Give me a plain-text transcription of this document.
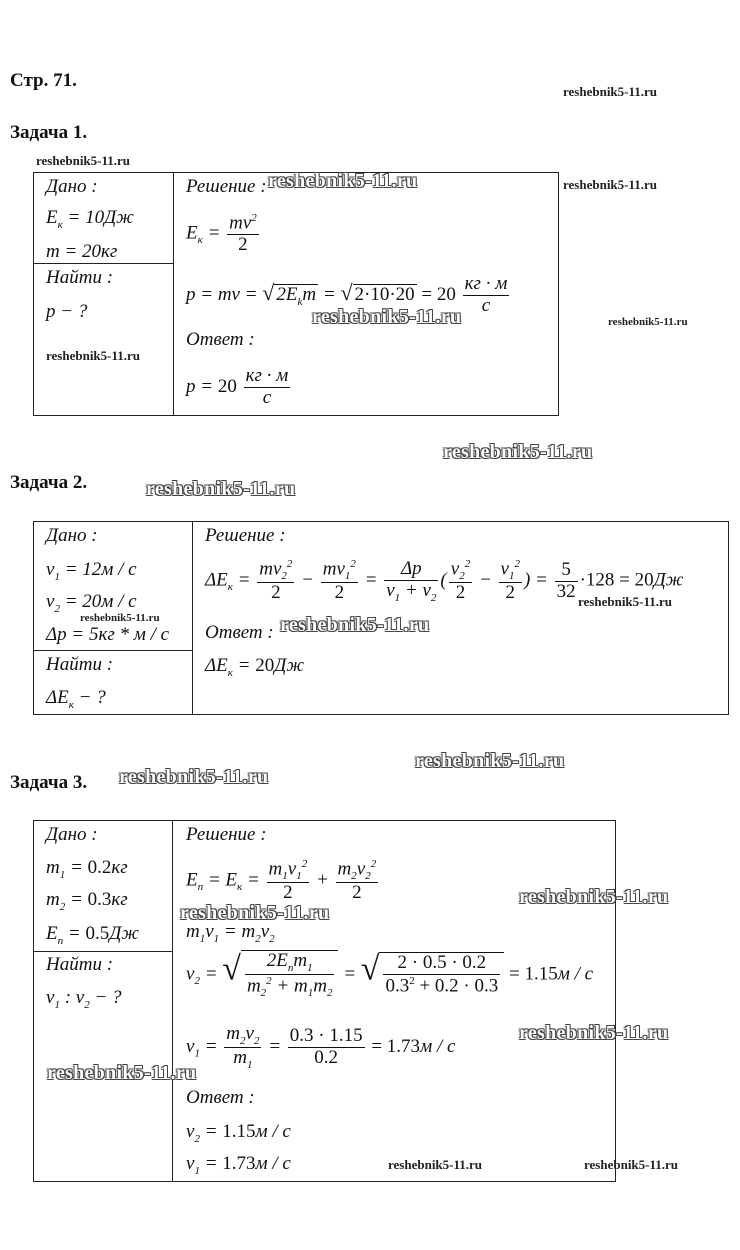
Стр. 71.
Задача 1.
Задача 2.
Задача 3.
Дано :
$E_к = 10Дж$
m = 20кг
Найти :
p − ?
Решение :
$E_к = \frac{mv^2}{2}$
p = mv = √ $2E_km$ = √ $2\cdot 10\cdot 20 = 20 \frac{кг \cdot м}{с}$
Ответ :
$p = 20 \frac{кг \cdot м}{с}$
Дано :
$v_1 = 12м / с$
$v_2 = 20м / с$
Δp = 5кг * м / с
Найти :
$\Delta E_к$ − ?
Решение :
$\Delta E_к = \frac{mv_2^2}{2} - \frac{mv_1^2}{2} = \frac{\Delta p}{v_1 + v_2}$ ( $\frac{v_2^2}{2} - \frac{v_1^2}{2}$ ) = $\frac{5}{32} \cdot 128 = 20Дж$
Ответ :
$\Delta E_к = 20Дж$
Дано :
$m_1 = 0.2кг$
$m_2 = 0.3кг$
$E_п = 0.5Дж$
Найти :
$v_1$ : $v_2$ − ?
Решение :
$E_п = E_к = \frac{m_1v_1^2}{2} + \frac{m_2v_2^2}{2}$
$m_1v_1 = m_2v_2$
$v_2$ = √ $\frac{2E_пm_1}{m_2^2 + m_1m_2}$ = √ $\frac{2 \cdot 0.5 \cdot 0.2}{0.3^2 + 0.2 \cdot 0.3} = 1.15м / с$
$v_1 = \frac{m_2v_2}{m_1} = \frac{0.3 \cdot 1.15}{0.2} = 1.73м / с$
Ответ :
$v_2 = 1.15м / с$
$v_1 = 1.73м / с$
reshebnik5-11.ru
reshebnik5-11.ru
reshebnik5-11.ru	reshebnik5-11.ru
reshebnik5-11.ru	reshebnik5-11.ru
reshebnik5-11.ru
reshebnik5-11.ru
reshebnik5-11.ru
reshebnik5-11.ru
reshebnik5-11.ru	reshebnik5-11.ru
reshebnik5-11.ru
reshebnik5-11.ru
reshebnik5-11.ru
reshebnik5-11.ru
reshebnik5-11.ru
reshebnik5-11.ru
reshebnik5-11.ru	reshebnik5-11.ru
